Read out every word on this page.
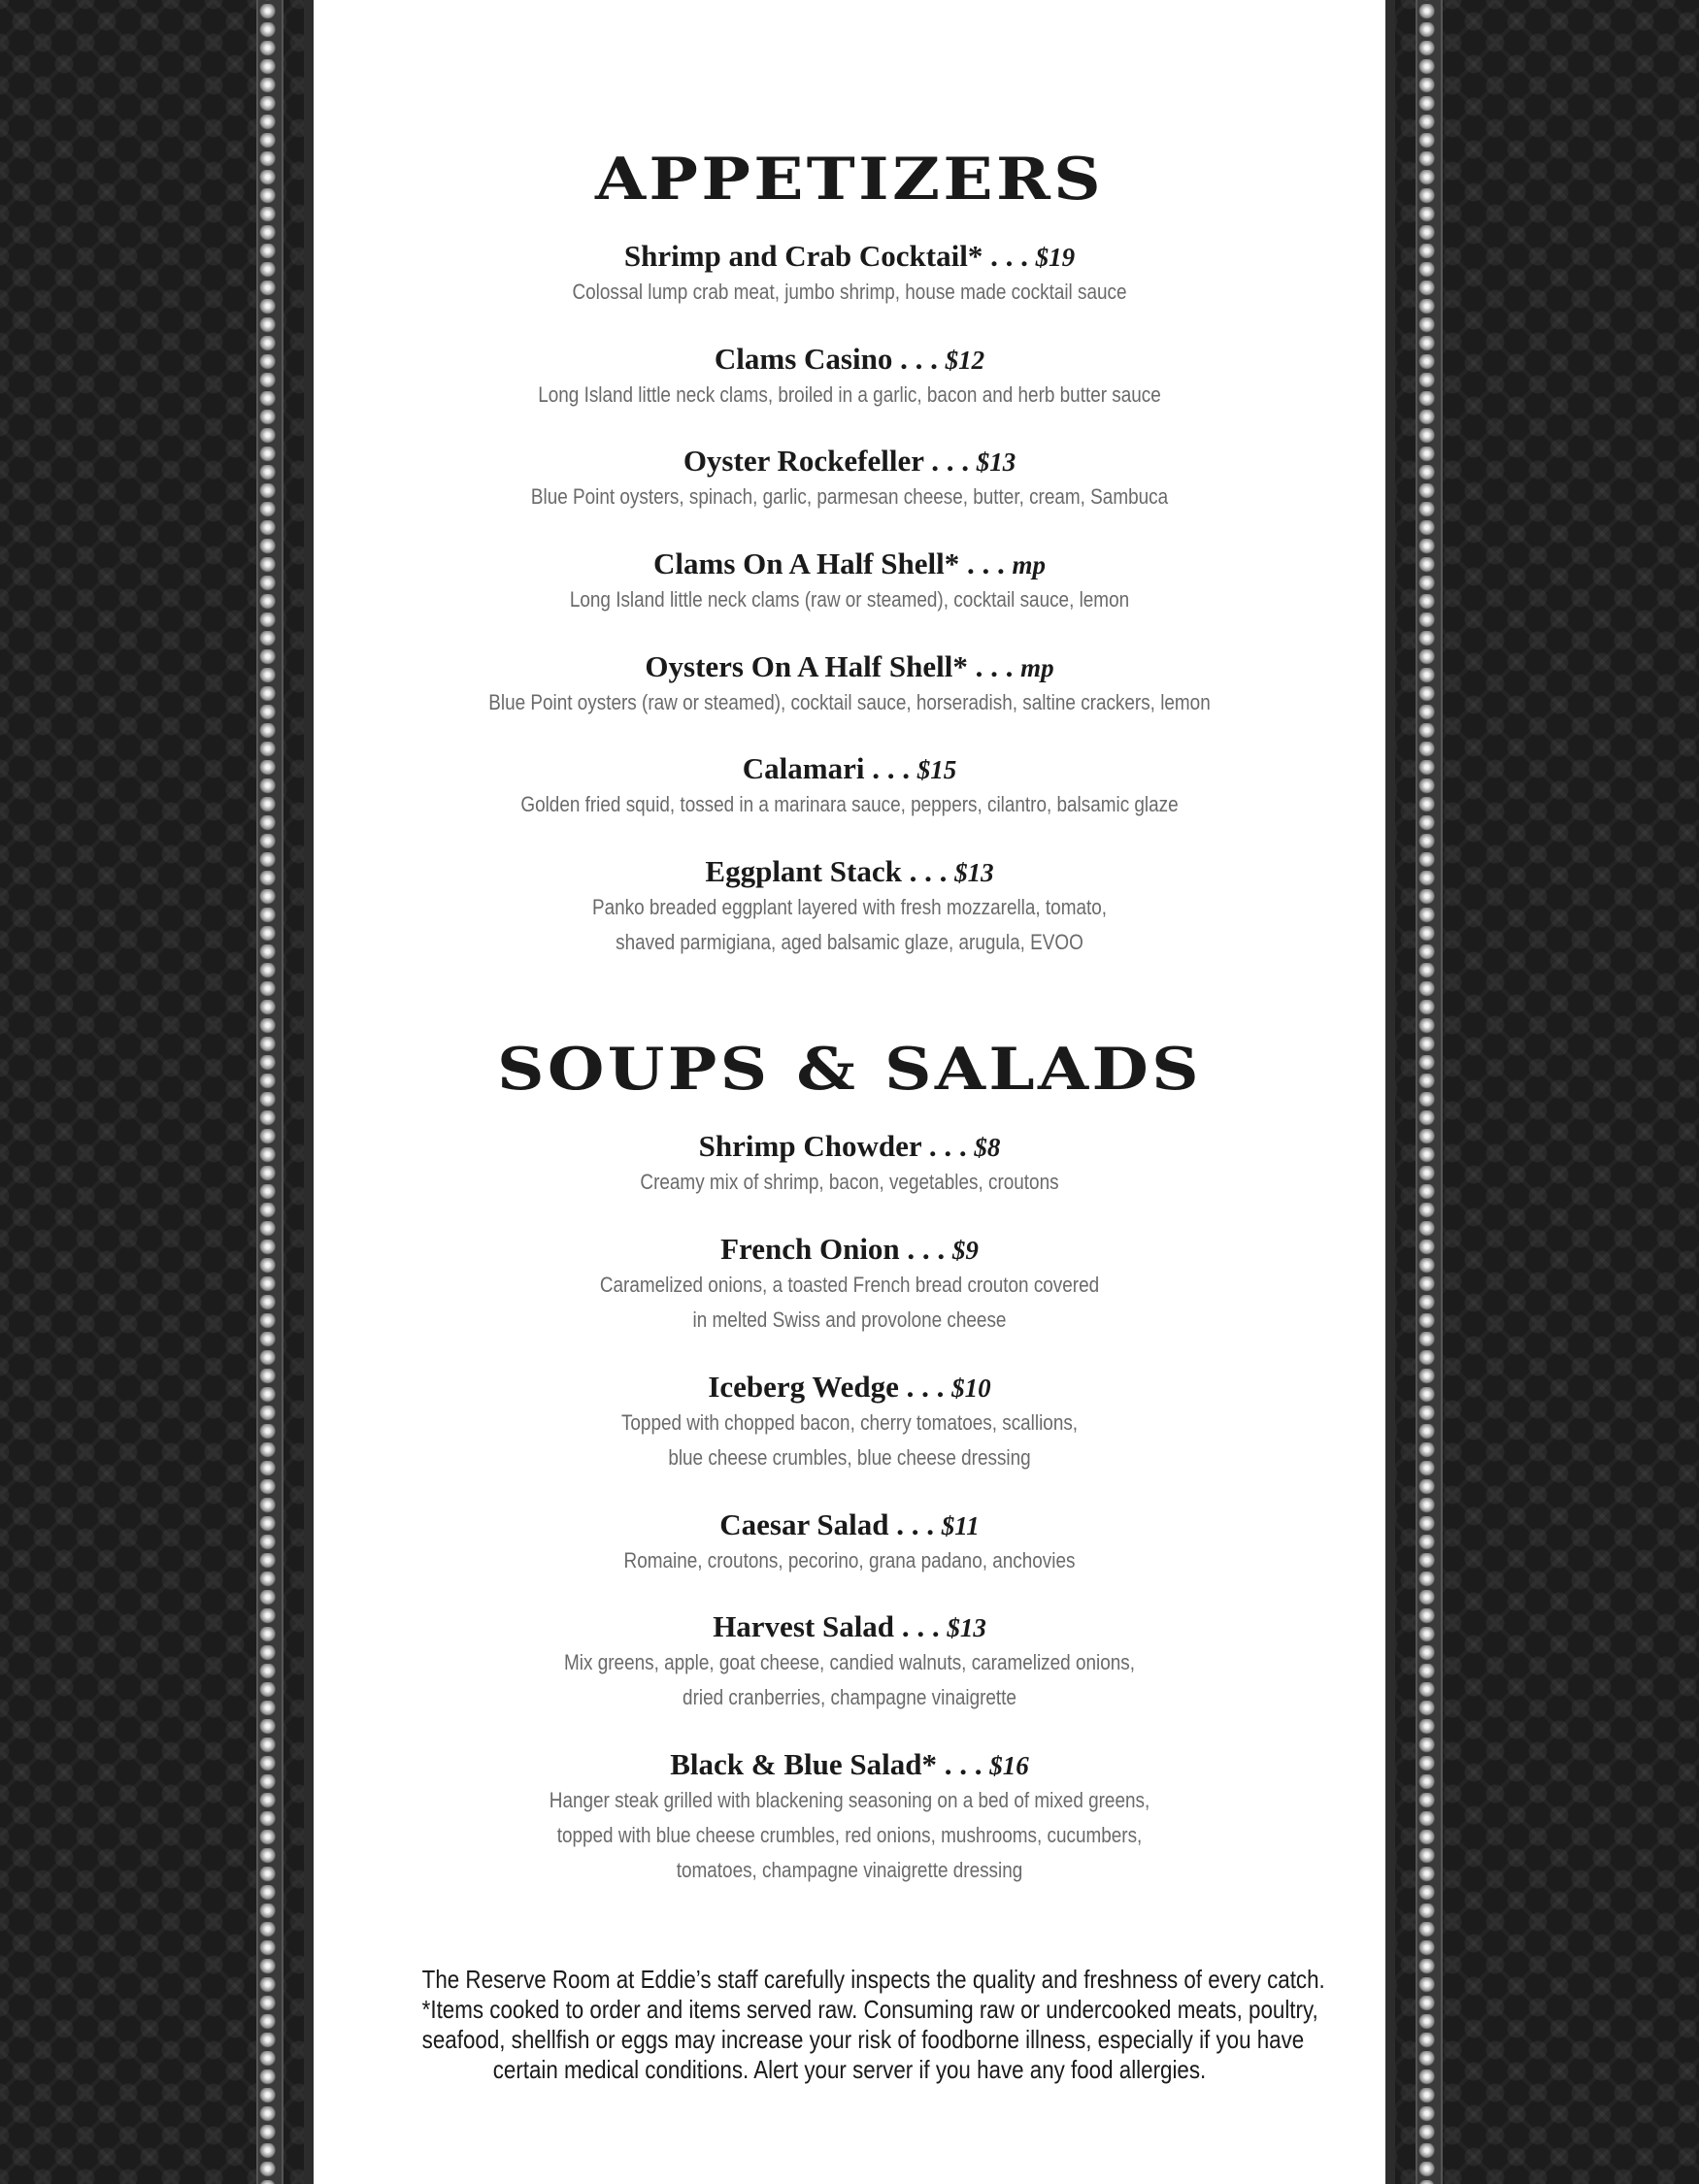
APPETIZERS
Shrimp and Crab Cocktail* . . . $19
Colossal lump crab meat, jumbo shrimp, house made cocktail sauce
Clams Casino . . . $12
Long Island little neck clams, broiled in a garlic, bacon and herb butter sauce
Oyster Rockefeller . . . $13
Blue Point oysters, spinach, garlic, parmesan cheese, butter, cream, Sambuca
Clams On A Half Shell* . . . mp
Long Island little neck clams (raw or steamed), cocktail sauce, lemon
Oysters On A Half Shell* . . . mp
Blue Point oysters (raw or steamed), cocktail sauce, horseradish, saltine crackers, lemon
Calamari . . . $15
Golden fried squid, tossed in a marinara sauce, peppers, cilantro, balsamic glaze
Eggplant Stack . . . $13
Panko breaded eggplant layered with fresh mozzarella, tomato,
shaved parmigiana, aged balsamic glaze, arugula, EVOO
SOUPS & SALADS
Shrimp Chowder . . . $8
Creamy mix of shrimp, bacon, vegetables, croutons
French Onion . . . $9
Caramelized onions, a toasted French bread crouton covered
in melted Swiss and provolone cheese
Iceberg Wedge . . . $10
Topped with chopped bacon, cherry tomatoes, scallions,
blue cheese crumbles, blue cheese dressing
Caesar Salad . . . $11
Romaine, croutons, pecorino, grana padano, anchovies
Harvest Salad . . . $13
Mix greens, apple, goat cheese, candied walnuts, caramelized onions,
dried cranberries, champagne vinaigrette
Black & Blue Salad* . . . $16
Hanger steak grilled with blackening seasoning on a bed of mixed greens,
topped with blue cheese crumbles, red onions, mushrooms, cucumbers,
tomatoes, champagne vinaigrette dressing
The Reserve Room at Eddie’s staff carefully inspects the quality and freshness of every catch.
*Items cooked to order and items served raw. Consuming raw or undercooked meats, poultry,
seafood, shellfish or eggs may increase your risk of foodborne illness, especially if you have
certain medical conditions. Alert your server if you have any food allergies.
